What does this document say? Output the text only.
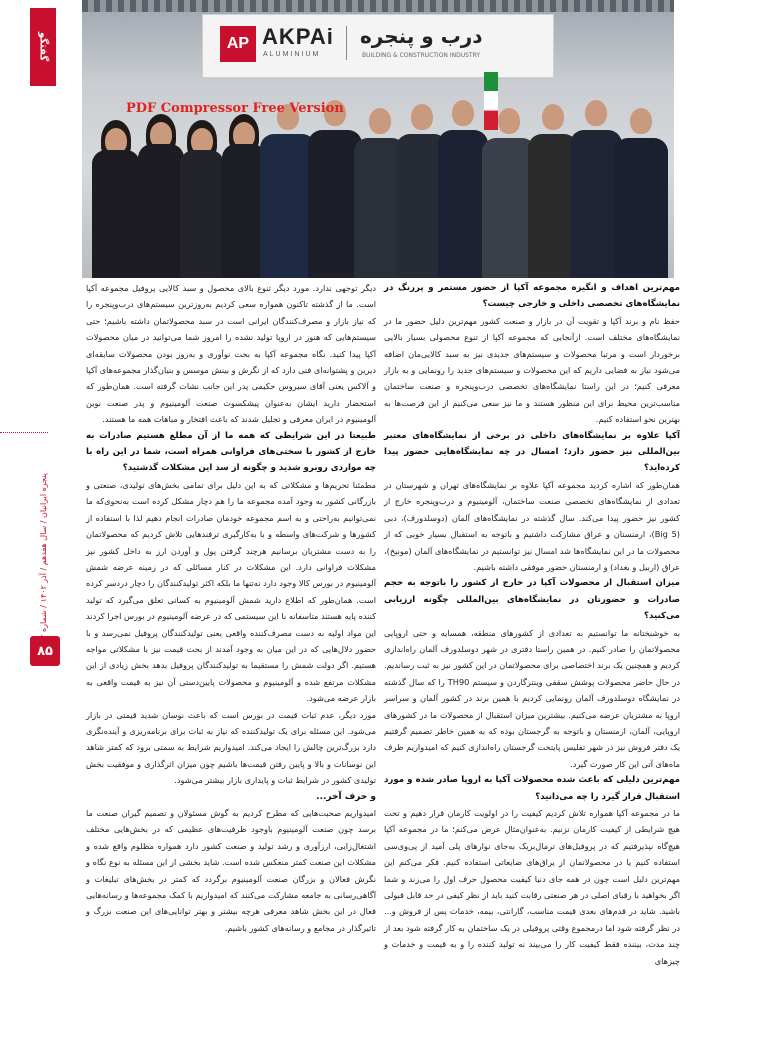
گفتگو
پنجره ایرانیان / سال هفدهم / آذر ۱۴۰۲ / شماره
۸۵
AP AKPAi
ALUMINIUM
درب و پنجره
BUILDING & CONSTRUCTION INDUSTRY
PDF Compressor Free Version

مهم‌ترین اهداف و انگیزه مجموعه آکپا از حضور مستمر و پررنگ در نمایشگاه‌های تخصصی داخلی و خارجی چیست؟

حفظ نام و برند آکپا و تقویت آن در بازار و صنعت کشور مهم‌ترین دلیل حضور ما در نمایشگاه‌های مختلف است. ازآنجایی که مجموعه آکپا از تنوع محصولی بسیار بالایی برخوردار است و مرتبا محصولات و سیستم‌های جدیدی نیز به سبد کالایی‌مان اضافه می‌شود نیاز به فضایی داریم که این محصولات و سیستم‌های جدید را رونمایی و به بازار معرفی کنیم؛ در این راستا نمایشگاه‌های تخصصی درب‌وپنجره و صنعت ساختمان مناسب‌ترین محیط برای این منظور هستند و ما نیز سعی می‌کنیم از این فرصت‌ها به بهترین نحو استفاده کنیم.

آکپا علاوه بر نمایشگاه‌های داخلی در برخی از نمایشگاه‌های معتبر بین‌المللی نیز حضور دارد؛ امسال در چه نمایشگاه‌هایی حضور پیدا کرده‌اید؟

همان‌طور که اشاره کردید مجموعه آکپا علاوه بر نمایشگاه‌های تهران و شهرستان در تعدادی از نمایشگاه‌های تخصصی صنعت ساختمان، آلومینیوم و درب‌وپنجره خارج از کشور نیز حضور پیدا می‌کند. سال گذشته در نمایشگاه‌های آلمان (دوسلدورف)، دبی (Big 5)، ارمنستان و عراق مشارکت داشتیم و باتوجه به استقبال بسیار خوبی که از محصولات ما در این نمایشگاه‌ها شد امسال نیز توانستیم در نمایشگاه‌های آلمان (مونیخ)، عراق (اربیل و بغداد) و ارمنستان حضور موفقی داشته باشیم.

میزان استقبال از محصولات آکپا در خارج از کشور را باتوجه به حجم صادرات و حضورتان در نمایشگاه‌های بین‌المللی چگونه ارزیابی می‌کنید؟

به خوشبختانه ما توانستیم به تعدادی از کشورهای منطقه، همسایه و حتی اروپایی محصولاتمان را صادر کنیم. در همین راستا دفتری در شهر دوسلدورف آلمان راه‌اندازی کردیم و همچنین یک برند اختصاصی برای محصولاتمان در این کشور نیز به ثبت رساندیم. در حال حاضر محصولات پوشش سقفی وینترگاردن و سیستم TH90 را که سال گذشته در نمایشگاه دوسلدورف آلمان رونمایی کردیم با همین برند در کشور آلمان و سراسر اروپا به مشتریان عرضه می‌کنیم. بیشترین میزان استقبال از محصولات ما در کشورهای اروپایی، آلمان، ارمنستان و باتوجه به گرجستان بوده که به همین خاطر تصمیم گرفتیم یک دفتر فروش نیز در شهر تفلیس پایتخت گرجستان راه‌اندازی کنیم که امیدواریم ظرف ماه‌های آتی این کار صورت گیرد.

مهم‌ترین دلیلی که باعث شده محصولات آکپا به اروپا صادر شده و مورد استقبال قرار گیرد را چه می‌دانید؟

ما در مجموعه آکپا همواره تلاش کردیم کیفیت را در اولویت کارمان قرار دهیم و تحت هیچ شرایطی از کیفیت کارمان نزنیم. به‌عنوان‌مثال عرض می‌کنم؛ ما در مجموعه آکپا هیچ‌گاه نپذیرفتیم که در پروفیل‌های ترمال‌بریک به‌جای نوارهای پلی آمید از پی‌وی‌سی استفاده کنیم یا در محصولاتمان از یراق‌های ضایعاتی استفاده کنیم. فکر می‌کنم این مهم‌ترین دلیل است چون در همه جای دنیا کیفیت محصول حرف اول را می‌زند و شما اگر بخواهید با رقبای اصلی در هر صنعتی رقابت کنید باید از نظر کیفی در حد قابل قبولی باشید. شاید در قدم‌های بعدی قیمت مناسب، گارانتی، بیمه، خدمات پس از فروش و... در نظر گرفته شود اما درمجموع وقتی پروفیلی در یک ساختمان به کار گرفته شود بعد از چند مدت، بیننده فقط کیفیت کار را می‌بیند نه تولید کننده را و به قیمت و خدمات و چیزهای

دیگر توجهی ندارد. مورد دیگر تنوع بالای محصول و سبد کالایی پروفیل مجموعه آکپا است. ما از گذشته تاکنون همواره سعی کردیم به‌روزترین سیستم‌های درب‌وپنجره را که نیاز بازار و مصرف‌کنندگان ایرانی است در سبد محصولاتمان داشته باشیم؛ حتی سیستم‌هایی که هنوز در اروپا تولید نشده را امروز شما می‌توانید در میان محصولات آکپا پیدا کنید. نگاه مجموعه آکپا به بحث نوآوری و به‌روز بودن محصولات سابقه‌ای دیرین و پشتوانه‌ای فنی دارد که از نگرش و بینش موسس و بنیان‌گذار مجموعه‌های آکپا و آلاکس یعنی آقای سیروس حکیمی پدر این جانب نشات گرفته است. همان‌طور که استحضار دارید ایشان به‌عنوان پیشکسوت صنعت آلومینیوم و پدر صنعت نوین آلومینیوم در ایران معرفی و تجلیل شدند که باعث افتخار و مباهات همه ما هستند.

طبیعتا در این شرایطی که همه ما از آن مطلع هستیم صادرات به خارج از کشور با سختی‌های فراوانی همراه است، شما در این راه با چه مواردی روبرو شدید و چگونه از سد این مشکلات گذشتید؟

مطمئنا تحریم‌ها و مشکلاتی که به این دلیل برای تمامی بخش‌های تولیدی، صنعتی و بازرگانی کشور به وجود آمده مجموعه ما را هم دچار مشکل کرده است به‌نحوی‌که ما نمی‌توانیم به‌راحتی و به اسم مجموعه خودمان صادرات انجام دهیم لذا با استفاده از کشورها و شرکت‌های واسطه و با به‌کارگیری ترفندهایی تلاش کردیم که محصولاتمان را به دست مشتریان برسانیم هرچند گرفتن پول و آوردن ارز به داخل کشور نیز مشکلات فراوانی دارد. این مشکلات در کنار مسائلی که در زمینه عرضه شمش آلومینیوم در بورس کالا وجود دارد نه‌تنها ما بلکه اکثر تولیدکنندگان را دچار دردسر کرده است. همان‌طور که اطلاع دارید شمش آلومینیوم به کسانی تعلق می‌گیرد که تولید کننده پایه هستند متاسفانه با این سیستمی که در عرضه آلومینیوم در بورس اجرا کردند این مواد اولیه به دست مصرف‌کننده واقعی یعنی تولیدکنندگان پروفیل نمی‌رسد و با حضور دلال‌هایی که در این میان به وجود آمدند از بحث قیمت نیز با مشکلاتی مواجه هستیم. اگر دولت شمش را مستقیما به تولیدکنندگان پروفیل بدهد بخش زیادی از این مشکلات مرتفع شده و آلومینیوم و محصولات پایین‌دستی آن نیز به قیمت واقعی به بازار عرضه می‌شود.

مورد دیگر، عدم ثبات قیمت در بورس است که باعث نوسان شدید قیمتی در بازار می‌شود. این مسئله برای یک تولیدکننده که نیاز به ثبات برای برنامه‌ریزی و آینده‌نگری دارد بزرگ‌ترین چالش را ایجاد می‌کند. امیدواریم شرایط به سمتی برود که کمتر شاهد این نوسانات و بالا و پایین رفتن قیمت‌ها باشیم چون میزان اثرگذاری و موفقیت بخش تولیدی کشور در شرایط ثبات و پایداری بازار بیشتر می‌شود.

و حرف آخر...

امیدواریم صحبت‌هایی که مطرح کردیم به گوش مسئولان و تصمیم گیران صنعت ما برسد چون صنعت آلومینیوم باوجود ظرفیت‌های عظیمی که در بخش‌هایی مختلف اشتغال‌زایی، ارزآوری و رشد تولید و صنعت کشور دارد همواره مظلوم واقع شده و مشکلات این صنعت کمتر منعکس شده است. شاید بخشی از این مسئله به نوع نگاه و نگرش فعالان و بزرگان صنعت آلومینیوم برگردد که کمتر در بخش‌های تبلیغات و آگاهی‌رسانی به جامعه مشارکت می‌کنند که امیدواریم با کمک مجموعه‌ها و رسانه‌هایی فعال در این بخش شاهد معرفی هرچه بیشتر و بهتر توانایی‌های این صنعت بزرگ و تاثیرگذار در مجامع و رسانه‌های کشور باشیم.
